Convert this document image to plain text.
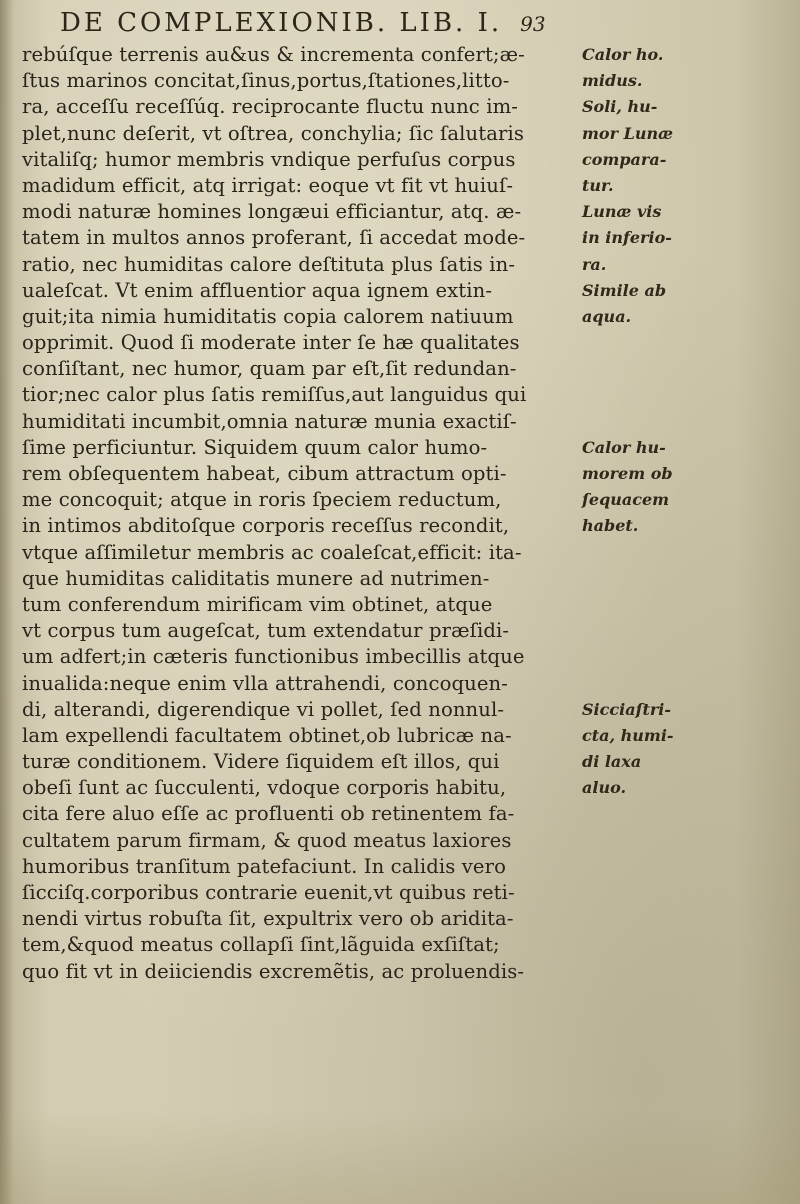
DE COMPLEXIONIB. LIB. I. 93
rebúſque terrenis au&us & incrementa confert;æ-	Calor ho.
ſtus marinos concitat,ſinus,portus,ſtationes,litto-	midus.
ra, acceſſu receſſúq. reciprocante fluctu nunc im-	Soli, hu-
plet,nunc deſerit, vt oſtrea, conchylia; ſic ſalutaris	mor Lunæ
vitaliſq; humor membris vndique perfuſus corpus	compara-
madidum efficit, atq irrigat: eoque vt fit vt huiuſ-	tur.
modi naturæ homines longæui efficiantur, atq. æ-	Lunæ vis
tatem in multos annos proferant, ſi accedat mode-	in inferio-
ratio, nec humiditas calore deſtituta plus ſatis in-	ra.
ualeſcat. Vt enim affluentior aqua ignem extin-	Simile ab
guit;ita nimia humiditatis copia calorem natiuum	aqua.
opprimit. Quod ſi moderate inter ſe hæ qualitates
conſiſtant, nec humor, quam par eſt,ſit redundan-
tior;nec calor plus ſatis remiſſus,aut languidus qui
humiditati incumbit,omnia naturæ munia exactiſ-
ſime perficiuntur. Siquidem quum calor humo-	Calor hu-
rem obſequentem habeat, cibum attractum opti-	morem ob
me concoquit; atque in roris ſpeciem reductum,	ſequacem
in intimos abditoſque corporis receſſus recondit,	habet.
vtque aſſimiletur membris ac coaleſcat,efficit: ita-
que humiditas caliditatis munere ad nutrimen-
tum conferendum mirificam vim obtinet, atque
vt corpus tum augeſcat, tum extendatur præſidi-
um adfert;in cæteris functionibus imbecillis atque
inualida:neque enim vlla attrahendi, concoquen-
di, alterandi, digerendique vi pollet, ſed nonnul-	Sicciaſtri-
lam expellendi facultatem obtinet,ob lubricæ na-	cta, humi-
turæ conditionem. Videre ſiquidem eſt illos, qui	di laxa
obeſi ſunt ac ſucculenti, vdoque corporis habitu,	aluo.
cita fere aluo eſſe ac profluenti ob retinentem fa-
cultatem parum firmam, & quod meatus laxiores
humoribus tranſitum patefaciunt. In calidis vero
ſicciſq.corporibus contrarie euenit,vt quibus reti-
nendi virtus robuſta ſit, expultrix vero ob aridita-
tem,&quod meatus collapſi ſint,lãguida exſiſtat;
quo fit vt in deiiciendis excremẽtis, ac proluendis-
